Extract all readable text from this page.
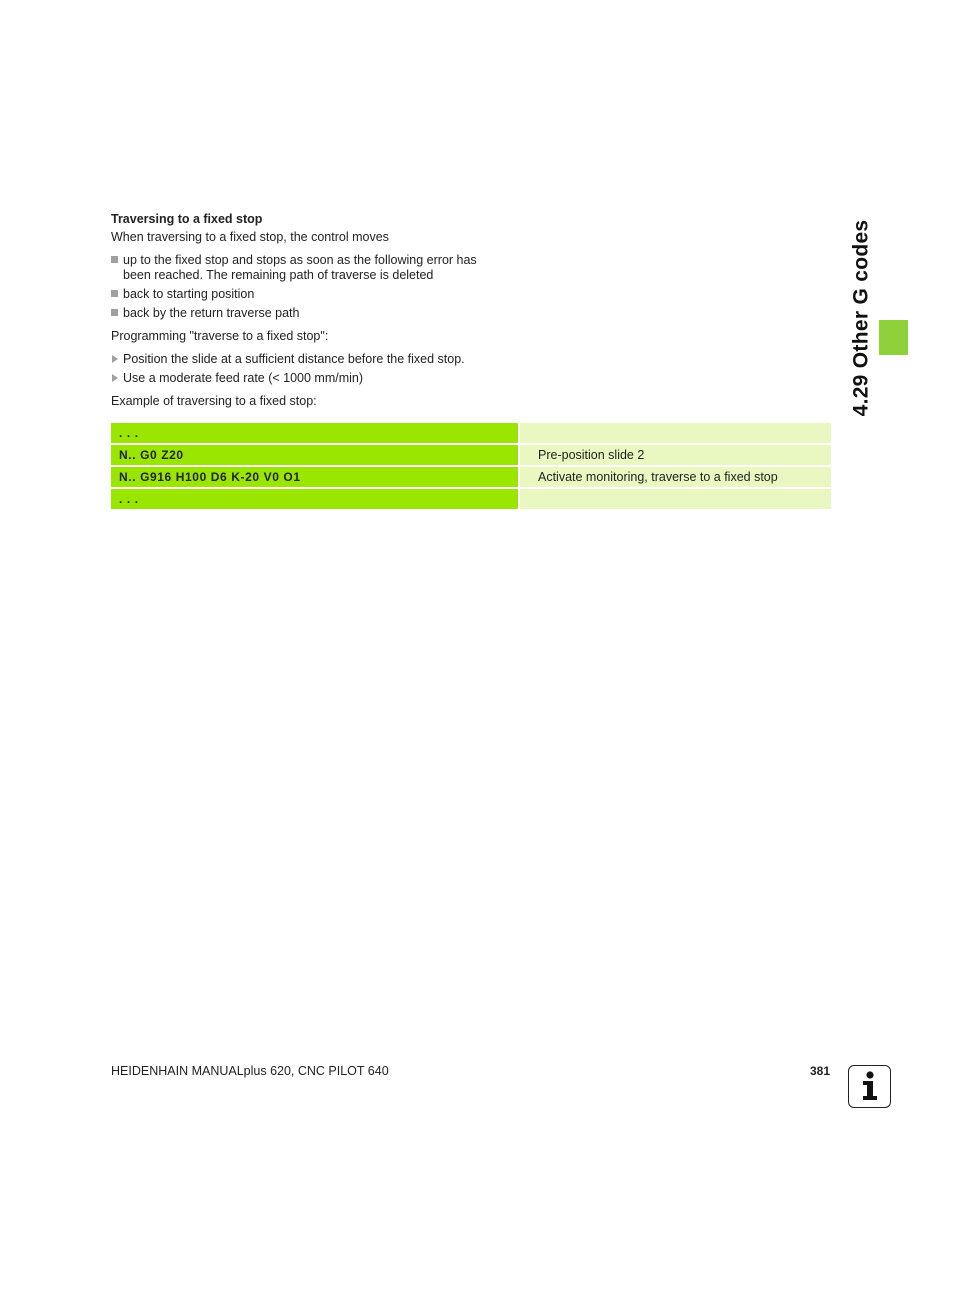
Traversing to a fixed stop

When traversing to a fixed stop, the control moves

up to the fixed stop and stops as soon as the following error has been reached. The remaining path of traverse is deleted
back to starting position
back by the return traverse path

Programming "traverse to a fixed stop":

Position the slide at a sufficient distance before the fixed stop.
Use a moderate feed rate (< 1000 mm/min)

Example of traversing to a fixed stop:

. . .	
N.. G0 Z20	Pre-position slide 2
N.. G916 H100 D6 K-20 V0 O1	Activate monitoring, traverse to a fixed stop
. . .	
4.29 Other G codes
HEIDENHAIN MANUALplus 620, CNC PILOT 640	381
